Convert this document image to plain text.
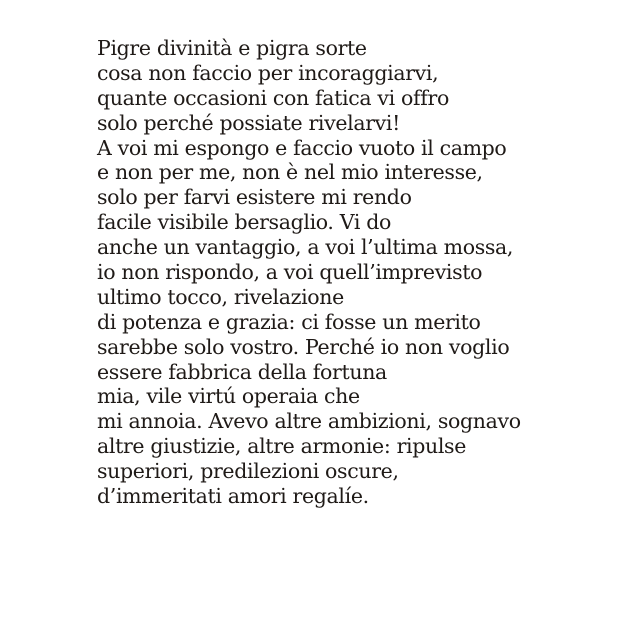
Pigre divinità e pigra sorte
cosa non faccio per incoraggiarvi,
quante occasioni con fatica vi offro
solo perché possiate rivelarvi!
A voi mi espongo e faccio vuoto il campo
e non per me, non è nel mio interesse,
solo per farvi esistere mi rendo
facile visibile bersaglio. Vi do
anche un vantaggio, a voi l’ultima mossa,
io non rispondo, a voi quell’imprevisto
ultimo tocco, rivelazione
di potenza e grazia: ci fosse un merito
sarebbe solo vostro. Perché io non voglio
essere fabbrica della fortuna
mia, vile virtú operaia che
mi annoia. Avevo altre ambizioni, sognavo
altre giustizie, altre armonie: ripulse
superiori, predilezioni oscure,
d’immeritati amori regalíe.
